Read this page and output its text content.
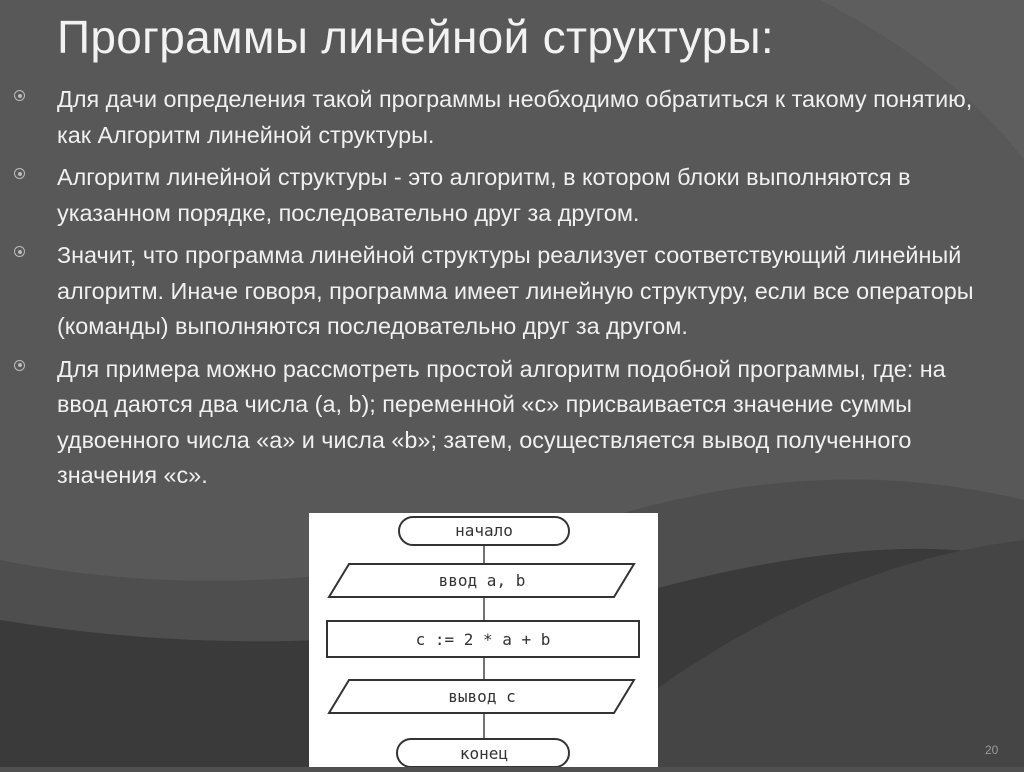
Программы линейной структуры:
Для дачи определения такой программы необходимо обратиться к такому понятию, как Алгоритм линейной структуры.
Алгоритм линейной структуры - это алгоритм, в котором блоки выполняются в указанном порядке, последовательно друг за другом.
Значит, что программа линейной структуры реализует соответствующий линейный алгоритм. Иначе говоря, программа имеет линейную структуру, если все операторы (команды) выполняются последовательно друг за другом.
Для примера можно рассмотреть простой алгоритм подобной программы, где: на ввод даются два числа (a, b); переменной «с» присваивается значение суммы удвоенного числа «а» и числа «b»; затем, осуществляется вывод полученного значения «с».
начало
ввод a, b
c := 2 * a + b
вывод c
конец	20
